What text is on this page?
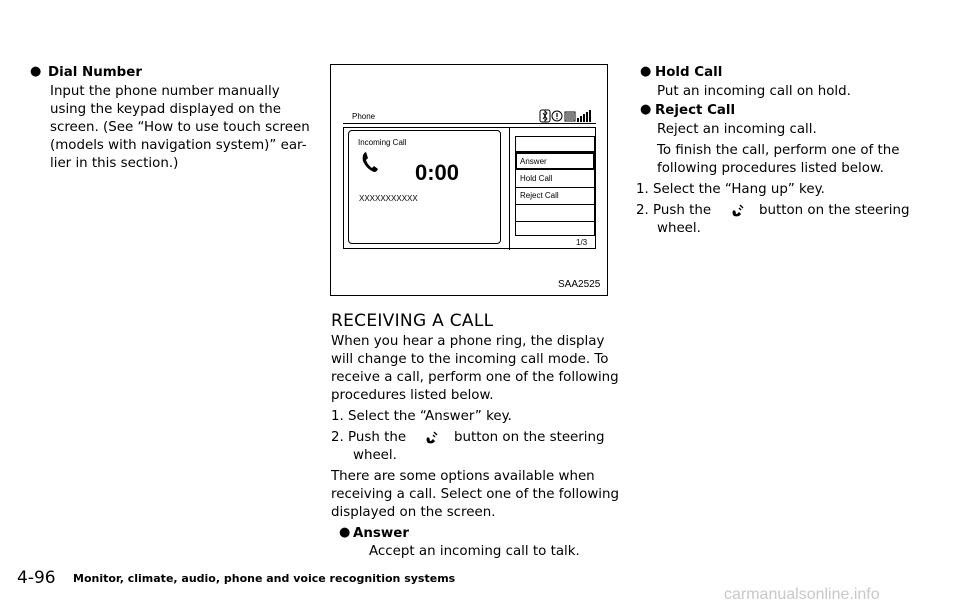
● Dial Number
Input the phone number manually
using the keypad displayed on the
screen. (See “How to use touch screen
(models with navigation system)” ear-
lier in this section.)
Phone
Incoming Call
0:00
XXXXXXXXXXX
Answer
Hold Call
Reject Call
1/3
SAA2525
RECEIVING A CALL
When you hear a phone ring, the display
will change to the incoming call mode. To
receive a call, perform one of the following
procedures listed below.
1. Select the “Answer” key.
2. Push the	button on the steering
wheel.
There are some options available when
receiving a call. Select one of the following
displayed on the screen.
● Answer
Accept an incoming call to talk.
● Hold Call
Put an incoming call on hold.
● Reject Call
Reject an incoming call.
To finish the call, perform one of the
following procedures listed below.
1. Select the “Hang up” key.
2. Push the	button on the steering
wheel.
4-96 Monitor, climate, audio, phone and voice recognition systems
carmanualsonline.info
